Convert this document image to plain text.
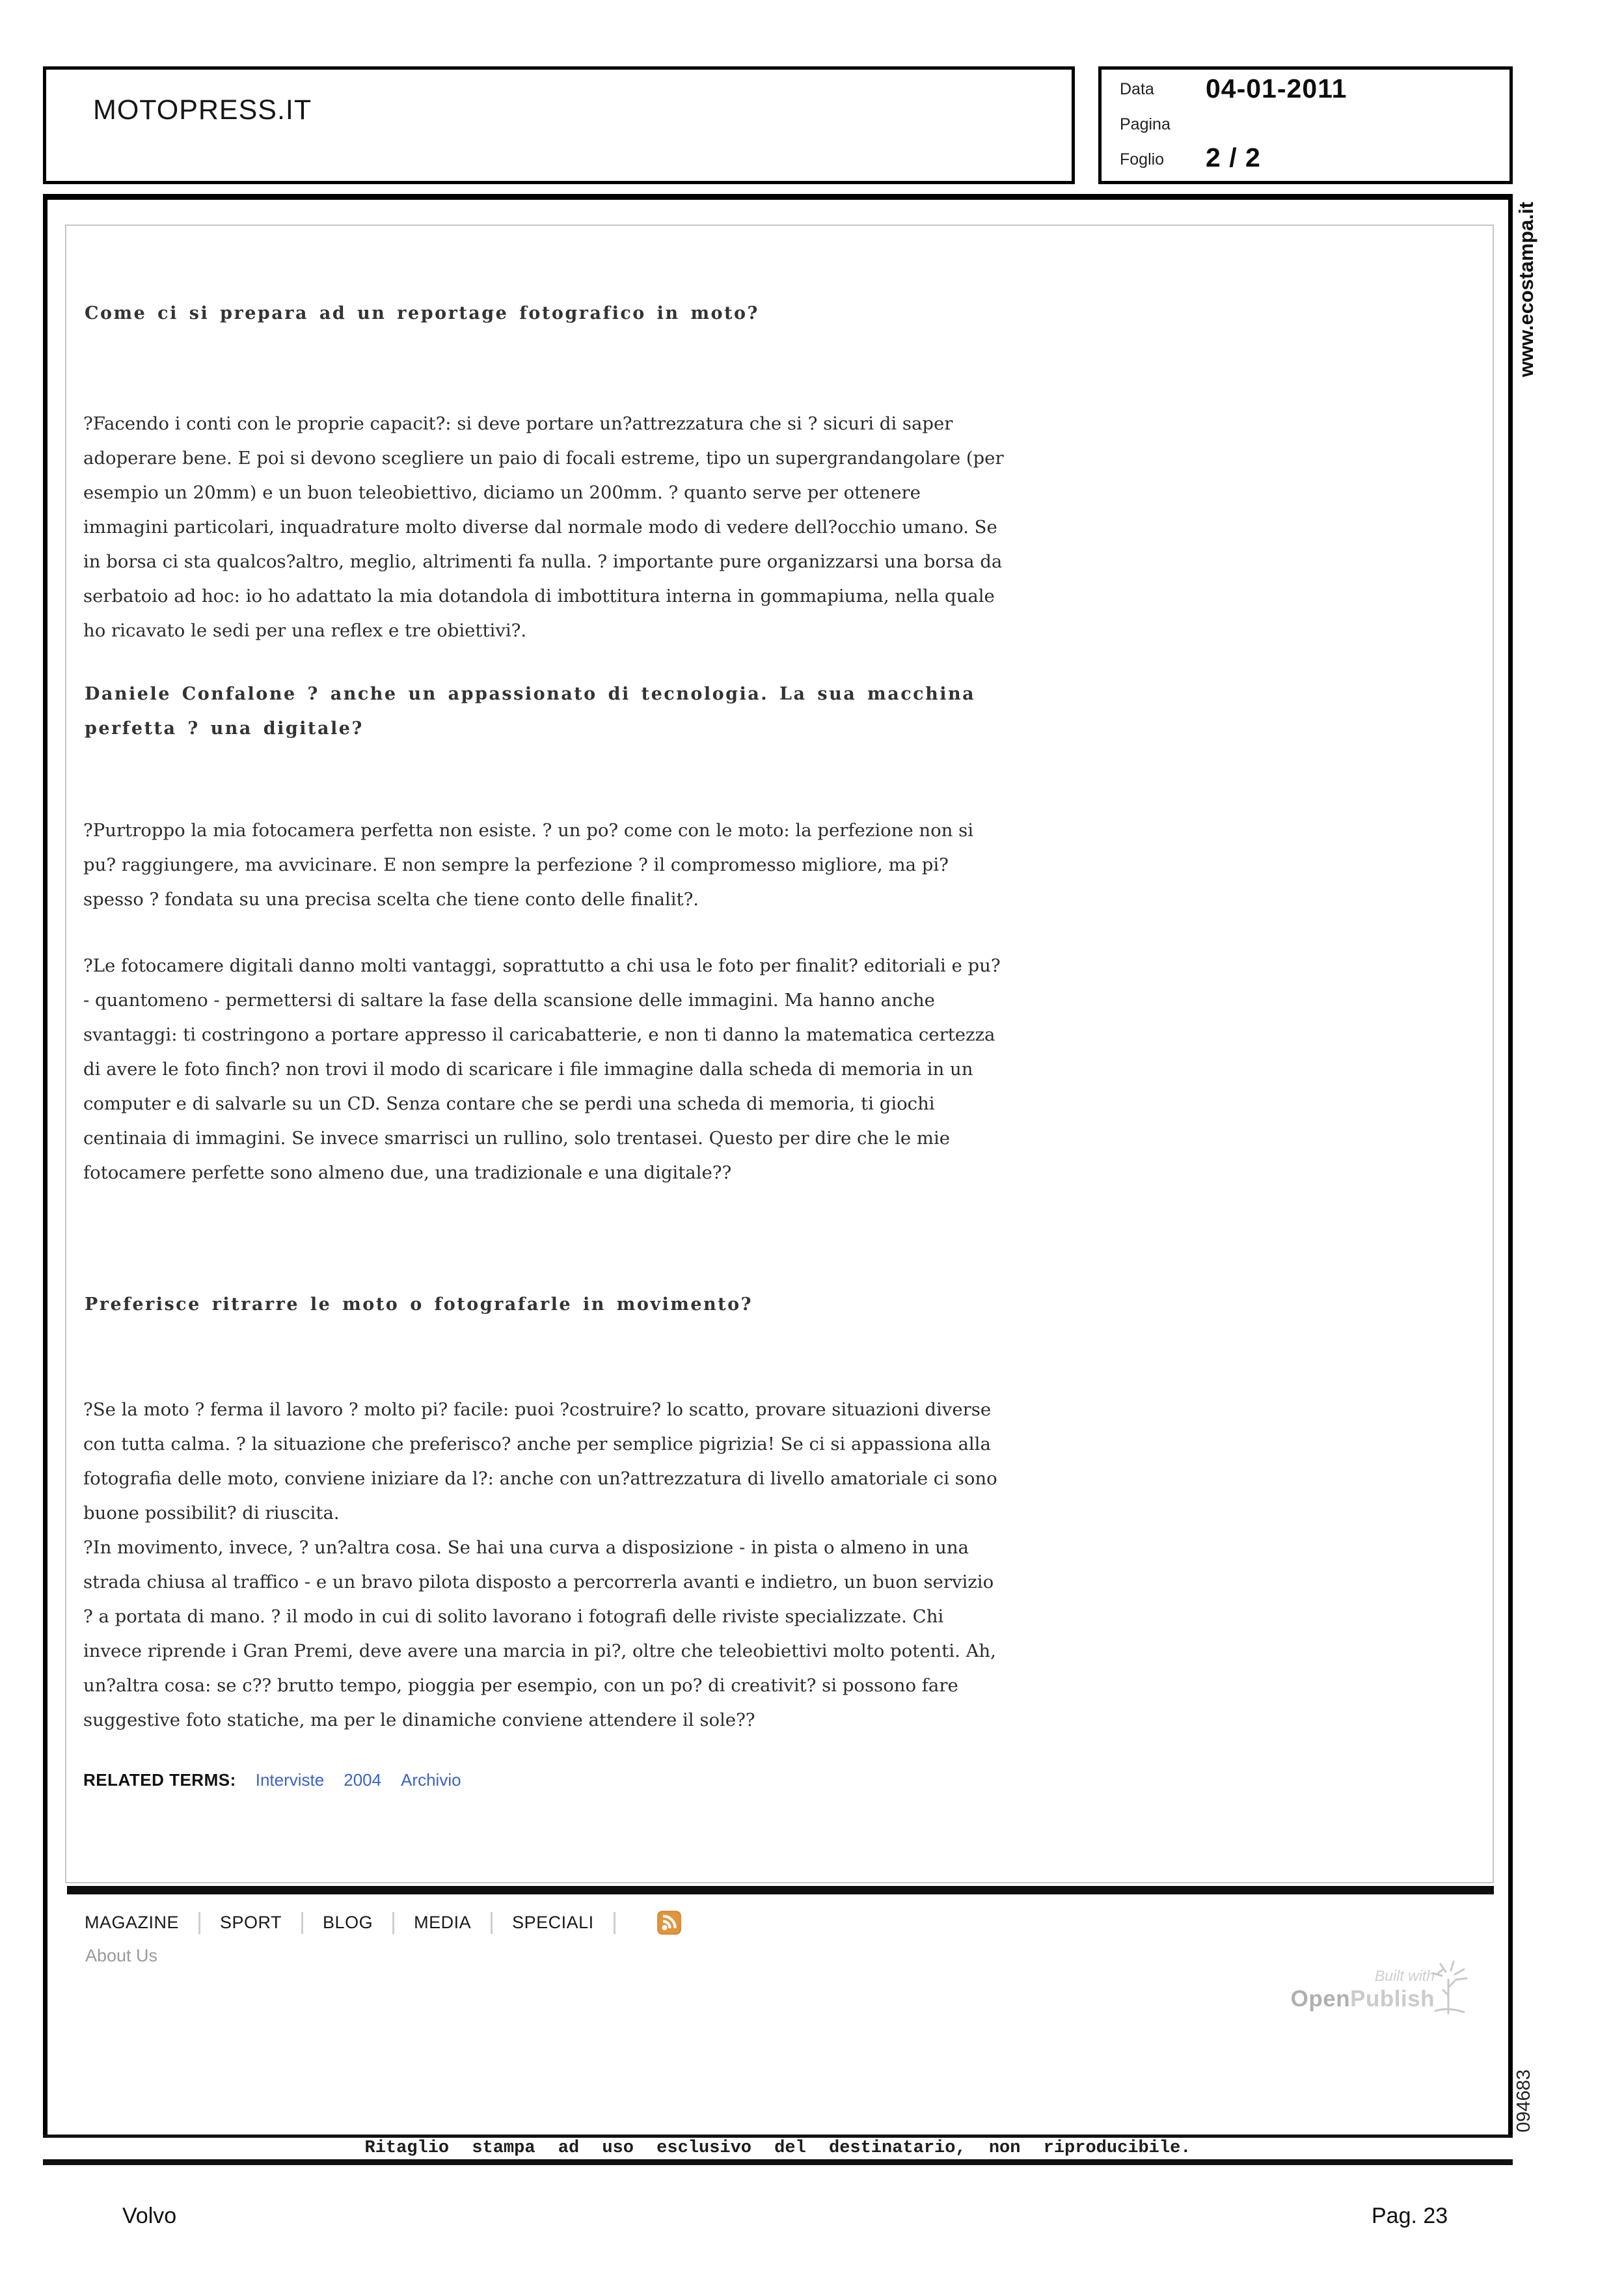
MOTOPRESS.IT
Data 04-01-2011
Pagina
Foglio 2 / 2
Come ci si prepara ad un reportage fotografico in moto?
?Facendo i conti con le proprie capacit?: si deve portare un?attrezzatura che si ? sicuri di saper adoperare bene. E poi si devono scegliere un paio di focali estreme, tipo un supergrandangolare (per esempio un 20mm) e un buon teleobiettivo, diciamo un 200mm. ? quanto serve per ottenere immagini particolari, inquadrature molto diverse dal normale modo di vedere dell?occhio umano. Se in borsa ci sta qualcos?altro, meglio, altrimenti fa nulla. ? importante pure organizzarsi una borsa da serbatoio ad hoc: io ho adattato la mia dotandola di imbottitura interna in gommapiuma, nella quale ho ricavato le sedi per una reflex e tre obiettivi?.
Daniele Confalone ? anche un appassionato di tecnologia. La sua macchina perfetta ? una digitale?
?Purtroppo la mia fotocamera perfetta non esiste. ? un po? come con le moto: la perfezione non si pu? raggiungere, ma avvicinare. E non sempre la perfezione ? il compromesso migliore, ma pi? spesso ? fondata su una precisa scelta che tiene conto delle finalit?.
?Le fotocamere digitali danno molti vantaggi, soprattutto a chi usa le foto per finalit? editoriali e pu? - quantomeno - permettersi di saltare la fase della scansione delle immagini. Ma hanno anche svantaggi: ti costringono a portare appresso il caricabatterie, e non ti danno la matematica certezza di avere le foto finch? non trovi il modo di scaricare i file immagine dalla scheda di memoria in un computer e di salvarle su un CD. Senza contare che se perdi una scheda di memoria, ti giochi centinaia di immagini. Se invece smarrisci un rullino, solo trentasei. Questo per dire che le mie fotocamere perfette sono almeno due, una tradizionale e una digitale??
Preferisce ritrarre le moto o fotografarle in movimento?
?Se la moto ? ferma il lavoro ? molto pi? facile: puoi ?costruire? lo scatto, provare situazioni diverse con tutta calma. ? la situazione che preferisco? anche per semplice pigrizia! Se ci si appassiona alla fotografia delle moto, conviene iniziare da l?: anche con un?attrezzatura di livello amatoriale ci sono buone possibilit? di riuscita.
?In movimento, invece, ? un?altra cosa. Se hai una curva a disposizione - in pista o almeno in una strada chiusa al traffico - e un bravo pilota disposto a percorrerla avanti e indietro, un buon servizio ? a portata di mano. ? il modo in cui di solito lavorano i fotografi delle riviste specializzate. Chi invece riprende i Gran Premi, deve avere una marcia in pi?, oltre che teleobiettivi molto potenti. Ah, un?altra cosa: se c?? brutto tempo, pioggia per esempio, con un po? di creativit? si possono fare suggestive foto statiche, ma per le dinamiche conviene attendere il sole??
RELATED TERMS: Interviste 2004 Archivio
MAGAZINE SPORT BLOG MEDIA SPECIALI
About Us
Built with
OpenPublish
Ritaglio stampa ad uso esclusivo del destinatario, non riproducibile.
www.ecostampa.it
094683
Volvo	Pag. 23
